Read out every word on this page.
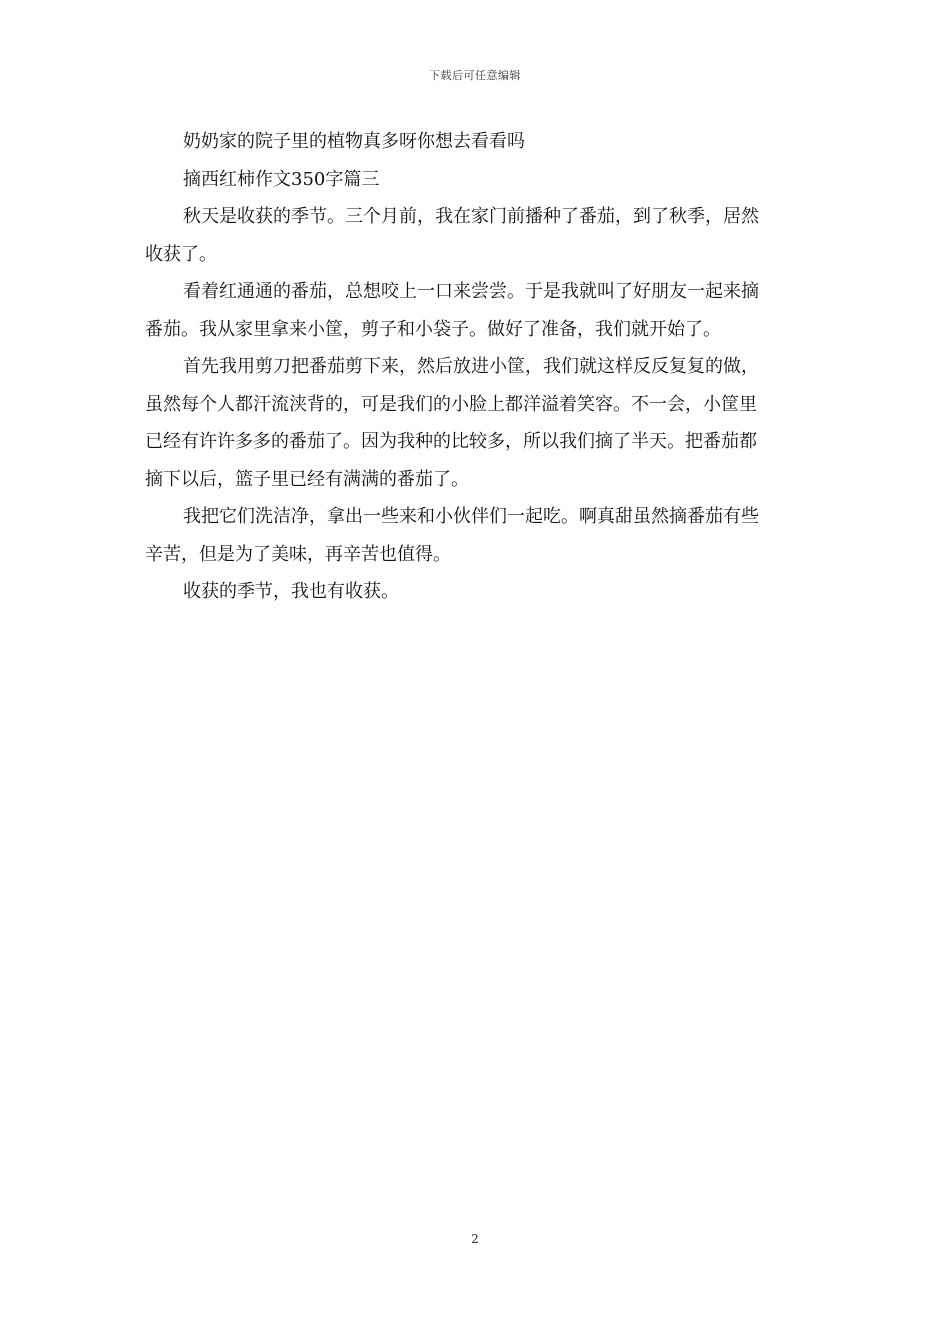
下载后可任意编辑

奶奶家的院子里的植物真多呀你想去看看吗

摘西红柿作文350字篇三

秋天是收获的季节。三个月前，我在家门前播种了番茄，到了秋季，居然

收获了。

看着红通通的番茄，总想咬上一口来尝尝。于是我就叫了好朋友一起来摘

番茄。我从家里拿来小筐，剪子和小袋子。做好了准备，我们就开始了。

首先我用剪刀把番茄剪下来，然后放进小筐，我们就这样反反复复的做，

虽然每个人都汗流浃背的，可是我们的小脸上都洋溢着笑容。不一会，小筐里

已经有许许多多的番茄了。因为我种的比较多，所以我们摘了半天。把番茄都

摘下以后，篮子里已经有满满的番茄了。

我把它们洗洁净，拿出一些来和小伙伴们一起吃。啊真甜虽然摘番茄有些

辛苦，但是为了美味，再辛苦也值得。

收获的季节，我也有收获。

2
